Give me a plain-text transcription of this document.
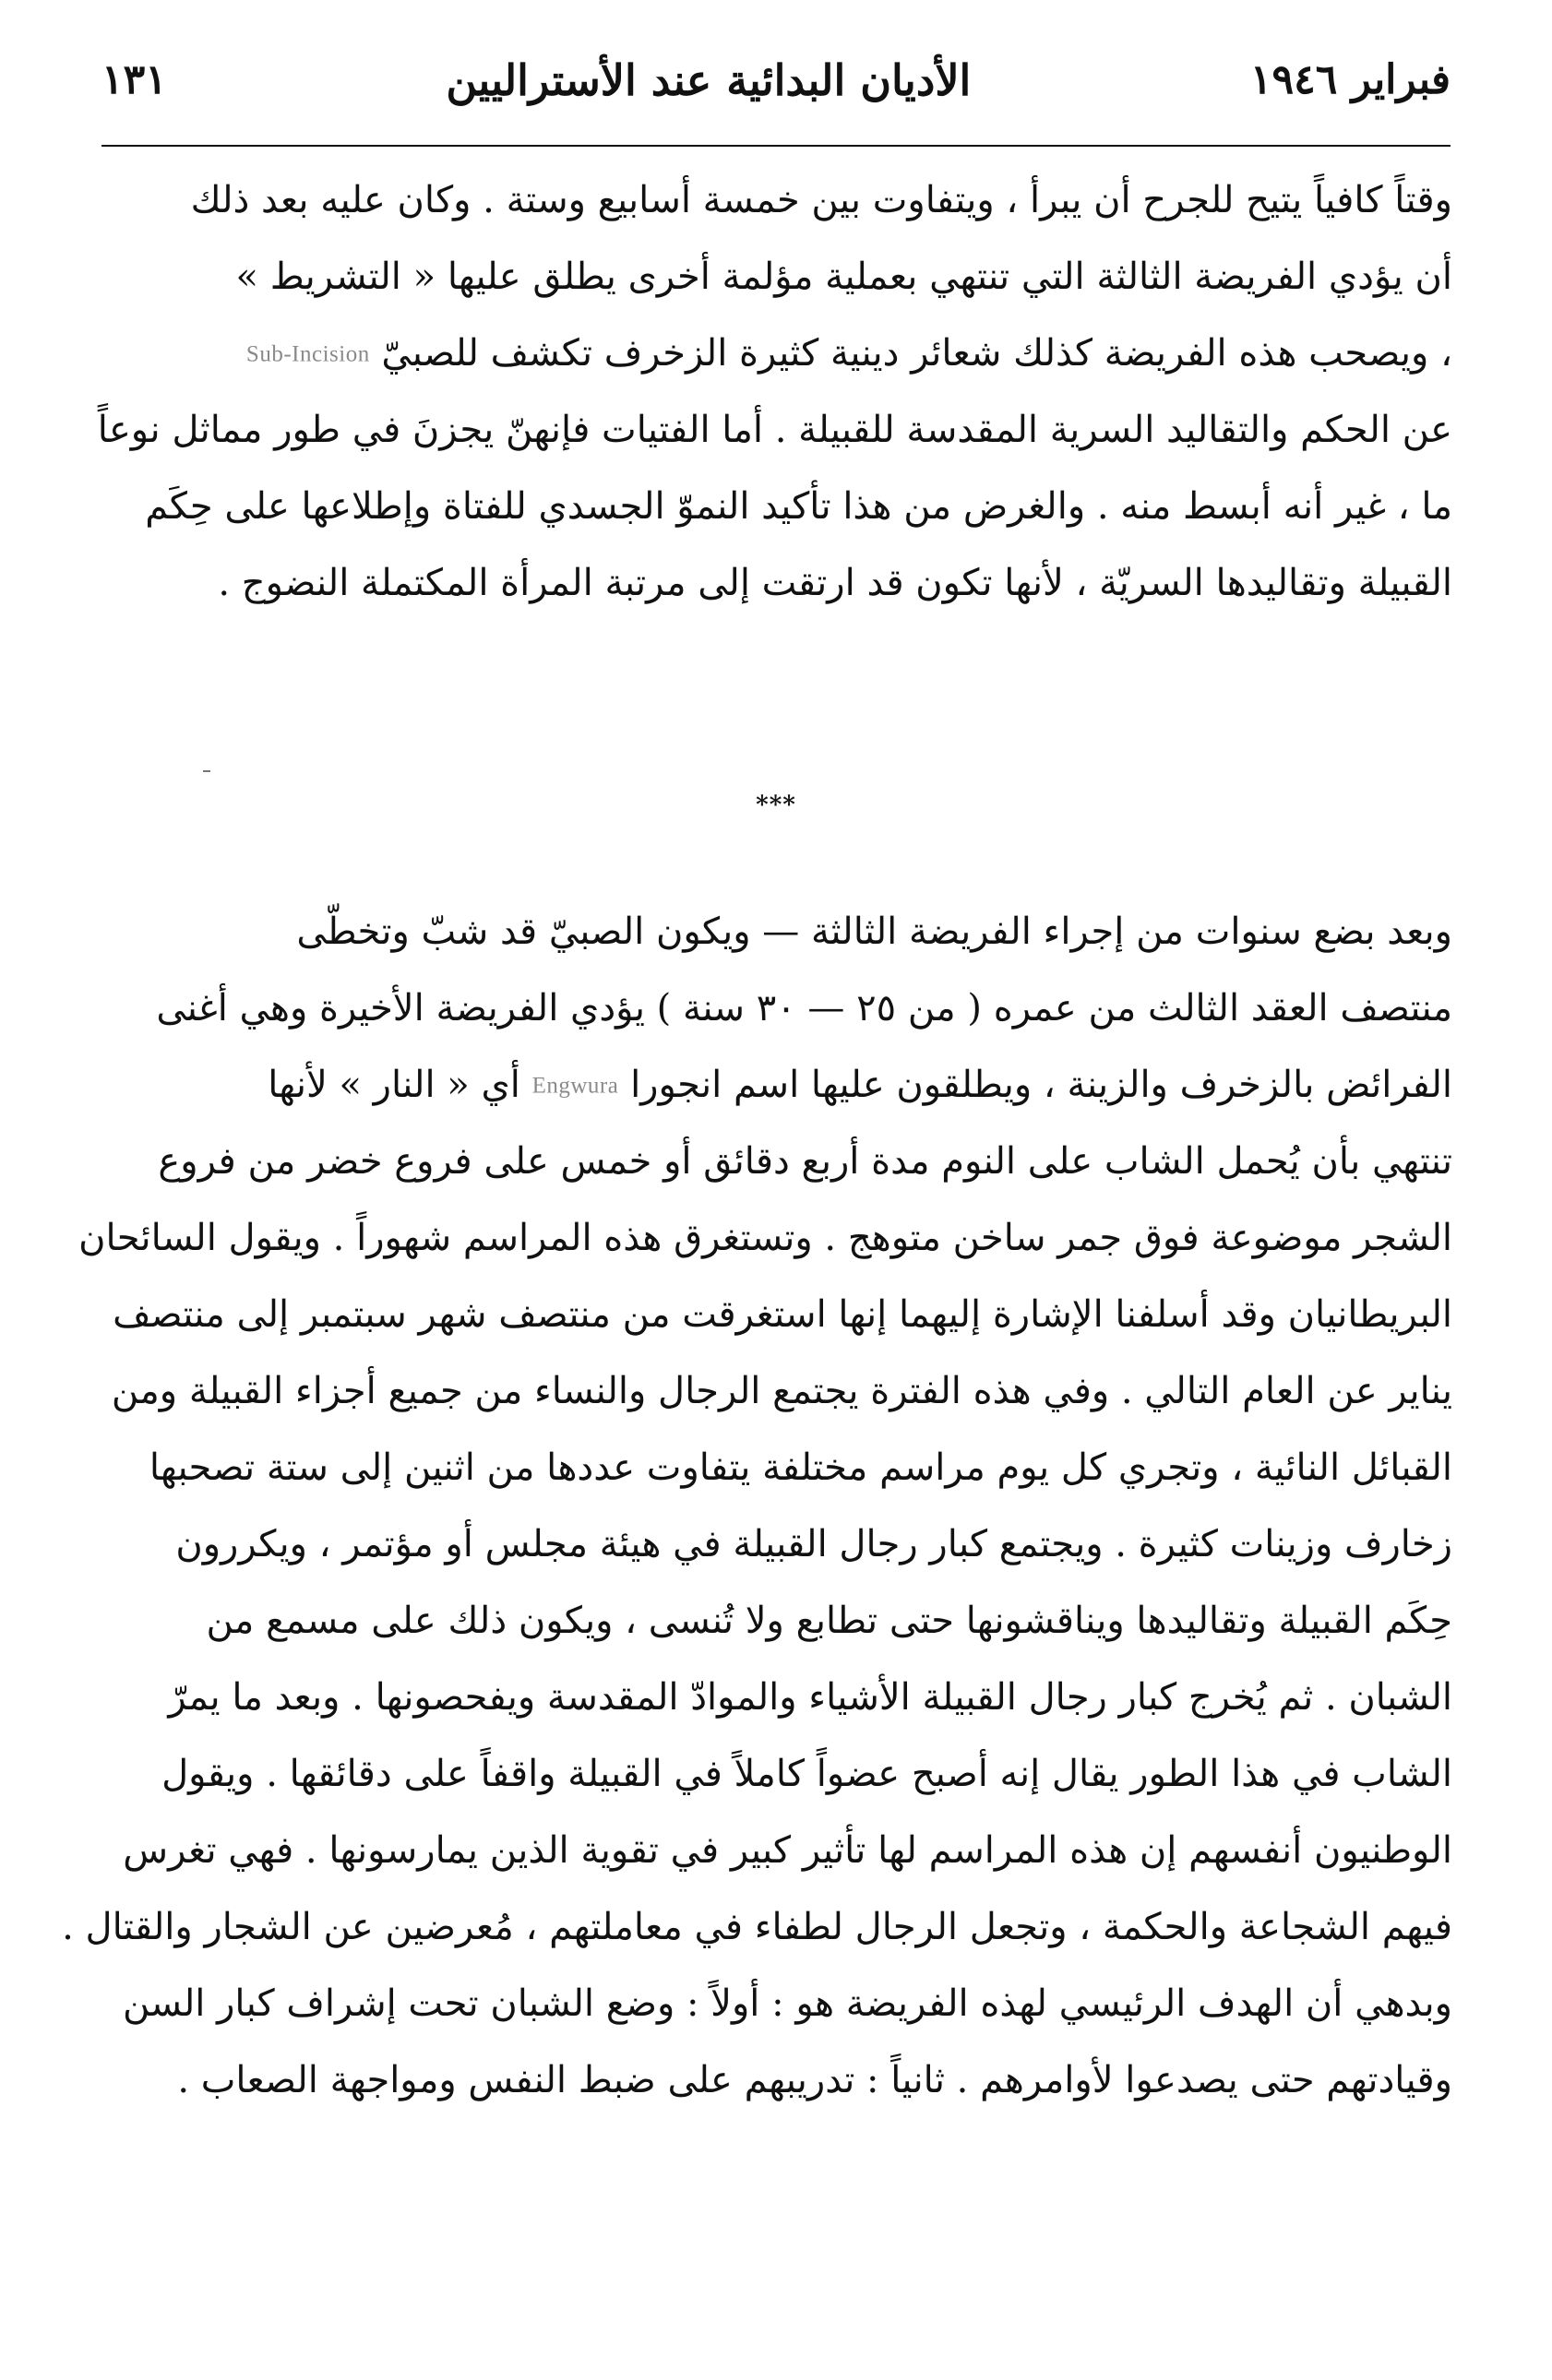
فبراير ١٩٤٦
الأديان البدائية عند الأستراليين
١٣١
وقتاً كافياً يتيح للجرح أن يبرأ ، ويتفاوت بين خمسة أسابيع وستة . وكان عليه بعد ذلك
أن يؤدي الفريضة الثالثة التي تنتهي بعملية مؤلمة أخرى يطلق عليها « التشريط »
، ويصحب هذه الفريضة كذلك شعائر دينية كثيرة الزخرف تكشف للصبيّ Sub-Incision
عن الحكم والتقاليد السرية المقدسة للقبيلة . أما الفتيات فإنهنّ يجزنَ في طور مماثل نوعاً
ما ، غير أنه أبسط منه . والغرض من هذا تأكيد النموّ الجسدي للفتاة وإطلاعها على حِكَم
القبيلة وتقاليدها السريّة ، لأنها تكون قد ارتقت إلى مرتبة المرأة المكتملة النضوج .
***
وبعد بضع سنوات من إجراء الفريضة الثالثة — ويكون الصبيّ قد شبّ وتخطّى
منتصف العقد الثالث من عمره ( من ٢٥ — ٣٠ سنة ) يؤدي الفريضة الأخيرة وهي أغنى
الفرائض بالزخرف والزينة ، ويطلقون عليها اسم انجورا Engwura أي « النار » لأنها
تنتهي بأن يُحمل الشاب على النوم مدة أربع دقائق أو خمس على فروع خضر من فروع
الشجر موضوعة فوق جمر ساخن متوهج . وتستغرق هذه المراسم شهوراً . ويقول السائحان
البريطانيان وقد أسلفنا الإشارة إليهما إنها استغرقت من منتصف شهر سبتمبر إلى منتصف
يناير عن العام التالي . وفي هذه الفترة يجتمع الرجال والنساء من جميع أجزاء القبيلة ومن
القبائل النائية ، وتجري كل يوم مراسم مختلفة يتفاوت عددها من اثنين إلى ستة تصحبها
زخارف وزينات كثيرة . ويجتمع كبار رجال القبيلة في هيئة مجلس أو مؤتمر ، ويكررون
حِكَم القبيلة وتقاليدها ويناقشونها حتى تطابع ولا تُنسى ، ويكون ذلك على مسمع من
الشبان . ثم يُخرج كبار رجال القبيلة الأشياء والموادّ المقدسة ويفحصونها . وبعد ما يمرّ
الشاب في هذا الطور يقال إنه أصبح عضواً كاملاً في القبيلة واقفاً على دقائقها . ويقول
الوطنيون أنفسهم إن هذه المراسم لها تأثير كبير في تقوية الذين يمارسونها . فهي تغرس
فيهم الشجاعة والحكمة ، وتجعل الرجال لطفاء في معاملتهم ، مُعرضين عن الشجار والقتال .
وبدهي أن الهدف الرئيسي لهذه الفريضة هو : أولاً : وضع الشبان تحت إشراف كبار السن
وقيادتهم حتى يصدعوا لأوامرهم . ثانياً : تدريبهم على ضبط النفس ومواجهة الصعاب .
